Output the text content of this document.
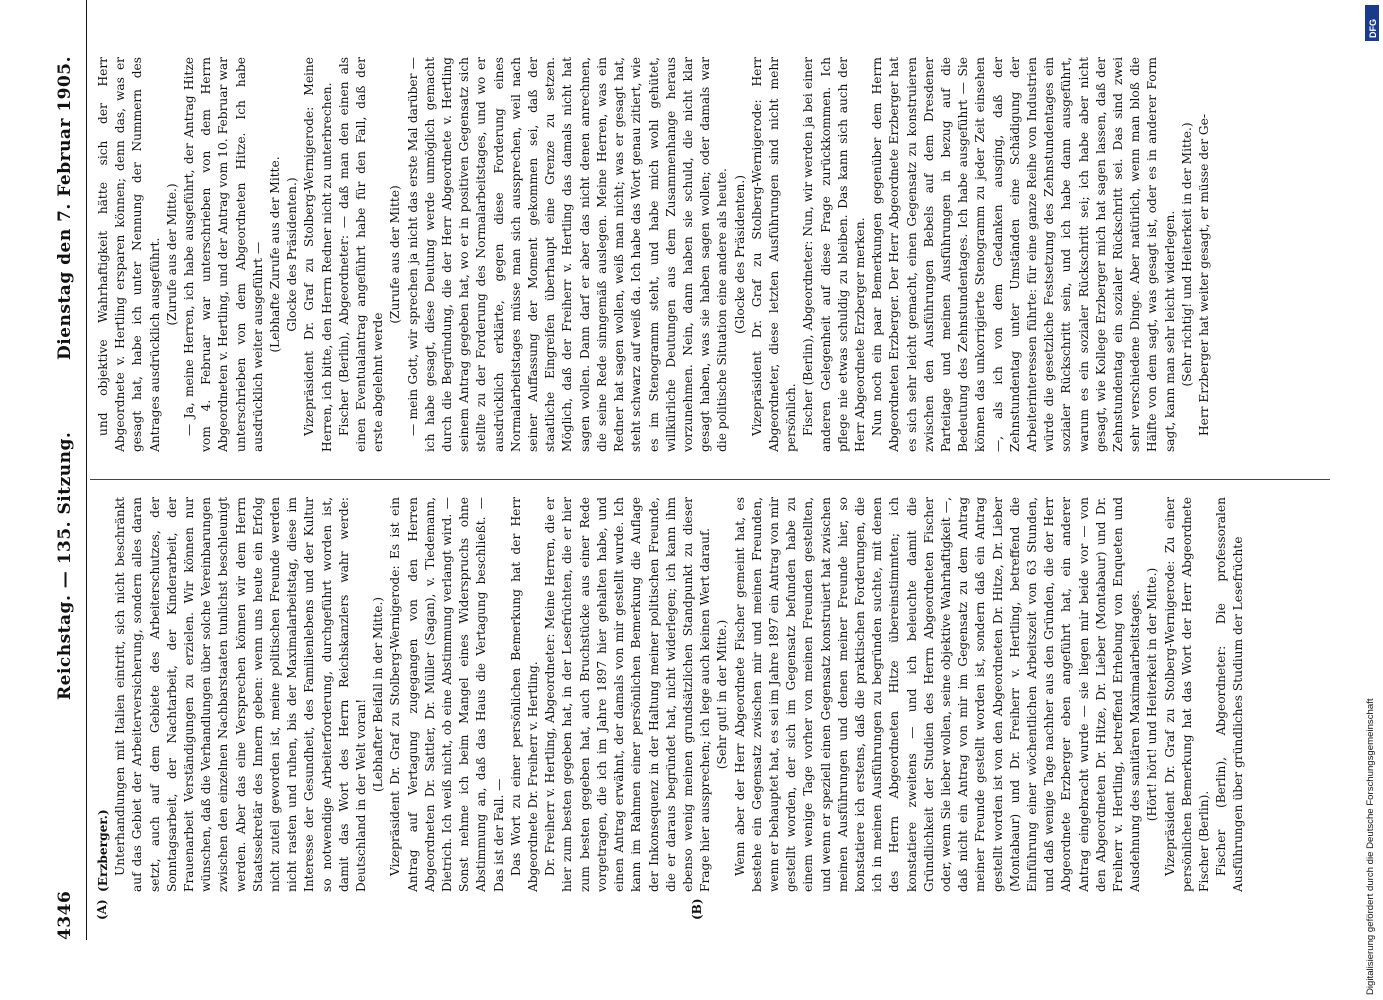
DFG
Digitalisierung gefördert durch die Deutsche Forschungsgemeinschaft
4346
Reichstag. — 135. Sitzung.
Dienstag den 7. Februar 1905.
(A)	(B)

(Erzberger.) Unterhandlungen mit Italien eintritt, sich nicht beschränkt auf das Gebiet der Arbeiterversicherung, sondern alles daran setzt, auch auf dem Gebiete des Arbeiterschutzes, der Sonntagsarbeit, der Nachtarbeit, der Kinderarbeit, der Frauenarbeit Verständigungen zu erzielen. Wir können nur wünschen, daß die Verhandlungen über solche Vereinbarungen zwischen den einzelnen Nachbarstaaten tunlichst beschleunigt werden. Aber das eine Versprechen können wir dem Herrn Staatssekretär des Innern geben: wenn uns heute ein Erfolg nicht zuteil geworden ist, meine politischen Freunde werden nicht rasten und ruhen, bis der Maximalarbeitstag, diese im Interesse der Gesundheit, des Familienlebens und der Kultur so notwendige Arbeiterforderung, durchgeführt worden ist, damit das Wort des Herrn Reichskanzlers wahr werde: Deutschland in der Welt voran!

(Lebhafter Beifall in der Mitte.) Vizepräsident Dr. Graf zu Stolberg-Wernigerode: Es ist ein Antrag auf Vertagung zugegangen von den Herren Abgeordneten Dr. Sattler, Dr. Müller (Sagan), v. Tiedemann, Dietrich. Ich weiß nicht, ob eine Abstimmung verlangt wird. — Sonst nehme ich beim Mangel eines Widerspruchs ohne Abstimmung an, daß das Haus die Vertagung beschließt. — Das ist der Fall. — Das Wort zu einer persönlichen Bemerkung hat der Herr Abgeordnete Dr. Freiherr v. Hertling. Dr. Freiherr v. Hertling, Abgeordneter: Meine Herren, die er hier zum besten gegeben hat, in der Lesefrüchten, die er hier zum besten gegeben hat, auch Bruchstücke aus einer Rede vorgetragen, die ich im Jahre 1897 hier gehalten habe, und einen Antrag erwähnt, der damals von mir gestellt wurde. Ich kann im Rahmen einer persönlichen Bemerkung die Auflage der Inkonsequenz in der Haltung meiner politischen Freunde, die er daraus begründet hat, nicht widerlegen; ich kann ihm ebenso wenig meinen grundsätzlichen Standpunkt zu dieser Frage hier aussprechen; ich lege auch keinen Wert darauf. (Sehr gut! in der Mitte.) Wenn aber der Herr Abgeordnete Fischer gemeint hat, es bestehe ein Gegensatz zwischen mir und meinen Freunden, wenn er behauptet hat, es sei im Jahre 1897 ein Antrag von mir gestellt worden, der sich im Gegensatz befunden habe zu einem wenige Tage vorher von meinen Freunden gestellten, und wenn er speziell einen Gegensatz konstruiert hat zwischen meinen Ausführungen und denen meiner Freunde hier, so konstatiere ich erstens, daß die praktischen Forderungen, die ich in meinen Ausführungen zu begründen suchte, mit denen des Herrn Abgeordneten Hitze übereinstimmten; ich konstatiere zweitens — und ich beleuchte damit die Gründlichkeit der Studien des Herrn Abgeordneten Fischer oder, wenn Sie lieber wollen, seine objektive Wahrhaftigkeit —, daß nicht ein Antrag von mir im Gegensatz zu dem Antrag meiner Freunde gestellt worden ist, sondern daß ein Antrag gestellt worden ist von den Abgeordneten Dr. Hitze, Dr. Lieber (Montabaur) und Dr. Freiherr v. Hertling, betreffend die Einführung einer wöchentlichen Arbeitszeit von 63 Stunden, und daß wenige Tage nachher aus den Gründen, die der Herr Abgeordnete Erzberger eben angeführt hat, ein anderer Antrag eingebracht wurde — sie liegen mir beide vor — von den Abgeordneten Dr. Hitze, Dr. Lieber (Montabaur) und Dr. Freiherr v. Hertling, betreffend Erhebung von Enqueten und Ausdehnung des sanitären Maximalarbeitstages. (Hört! hört! und Heiterkeit in der Mitte.) Vizepräsident Dr. Graf zu Stolberg-Wernigerode: Zu einer persönlichen Bemerkung hat das Wort der Herr Abgeordnete Fischer (Berlin). Fischer (Berlin), Abgeordneter: Die professoralen Ausführungen über gründliches Studium der Lesefrüchte

und objektive Wahrhaftigkeit hätte sich der Herr Abgeordnete v. Hertling ersparen können; denn das, was er gesagt hat, habe ich unter Nennung der Nummern des Antrages ausdrücklich ausgeführt. (Zurufe aus der Mitte.) — Ja, meine Herren, ich habe ausgeführt, der Antrag Hitze vom 4. Februar war unterschrieben von dem Herrn Abgeordneten v. Hertling, und der Antrag vom 10. Februar war unterschrieben von dem Abgeordneten Hitze. Ich habe ausdrücklich weiter ausgeführt — (Lebhafte Zurufe aus der Mitte. Glocke des Präsidenten.) Vizepräsident Dr. Graf zu Stolberg-Wernigerode: Meine Herren, ich bitte, den Herrn Redner nicht zu unterbrechen. Fischer (Berlin), Abgeordneter: — daß man den einen als einen Eventualantrag angeführt habe für den Fall, daß der erste abgelehnt werde

(Zurufe aus der Mitte) — mein Gott, wir sprechen ja nicht das erste Mal darüber — ich habe gesagt, diese Deutung werde unmöglich gemacht durch die Begründung, die der Herr Abgeordnete v. Hertling seinem Antrag gegeben hat, wo er in positiven Gegensatz sich stellte zu der Forderung des Normalarbeitstages, und wo er ausdrücklich erklärte, gegen diese Forderung eines Normalarbeitstages müsse man sich aussprechen, weil nach seiner Auffassung der Moment gekommen sei, daß der staatliche Eingreifen überhaupt eine Grenze zu setzen. Möglich, daß der Freiherr v. Hertling das damals nicht hat sagen wollen. Dann darf er aber das nicht denen anrechnen, die seine Rede sinngemäß auslegen. Meine Herren, was ein Redner hat sagen wollen, weiß man nicht; was er gesagt hat, steht schwarz auf weiß da. Ich habe das Wort genau zitiert, wie es im Stenogramm steht, und habe mich wohl gehütet, willkürliche Deutungen aus dem Zusammenhange heraus vorzunehmen. Nein, dann haben sie schuld, die nicht klar gesagt haben, was sie haben sagen wollen; oder damals war die politische Situation eine andere als heute. (Glocke des Präsidenten.) Vizepräsident Dr. Graf zu Stolberg-Wernigerode: Herr Abgeordneter, diese letzten Ausführungen sind nicht mehr persönlich. Fischer (Berlin), Abgeordneter: Nun, wir werden ja bei einer anderen Gelegenheit auf diese Frage zurückkommen. Ich pflege nie etwas schuldig zu bleiben. Das kann sich auch der Herr Abgeordnete Erzberger merken. Nun noch ein paar Bemerkungen gegenüber dem Herrn Abgeordneten Erzberger. Der Herr Abgeordnete Erzberger hat es sich sehr leicht gemacht, einen Gegensatz zu konstruieren zwischen den Ausführungen Bebels auf dem Dresdener Parteitage und meinen Ausführungen in bezug auf die Bedeutung des Zehnstundentages. Ich habe ausgeführt — Sie können das unkorrigierte Stenogramm zu jeder Zeit einsehen —, als ich von dem Gedanken ausging, daß der Zehnstundentag unter Umständen eine Schädigung der Arbeiterinteressen führte: für eine ganze Reihe von Industrien würde die gesetzliche Festsetzung des Zehnstundentages ein sozialer Rückschritt sein, und ich habe dann ausgeführt, warum es ein sozialer Rückschritt sei; ich habe aber nicht gesagt, wie Kollege Erzberger mich hat sagen lassen, daß der Zehnstundentag ein sozialer Rückschritt sei. Das sind zwei sehr verschiedene Dinge. Aber natürlich, wenn man bloß die Hälfte von dem sagt, was gesagt ist, oder es in anderer Form sagt, kann man sehr leicht widerlegen. (Sehr richtig! und Heiterkeit in der Mitte.) Herr Erzberger hat weiter gesagt, er müsse der Ge-
